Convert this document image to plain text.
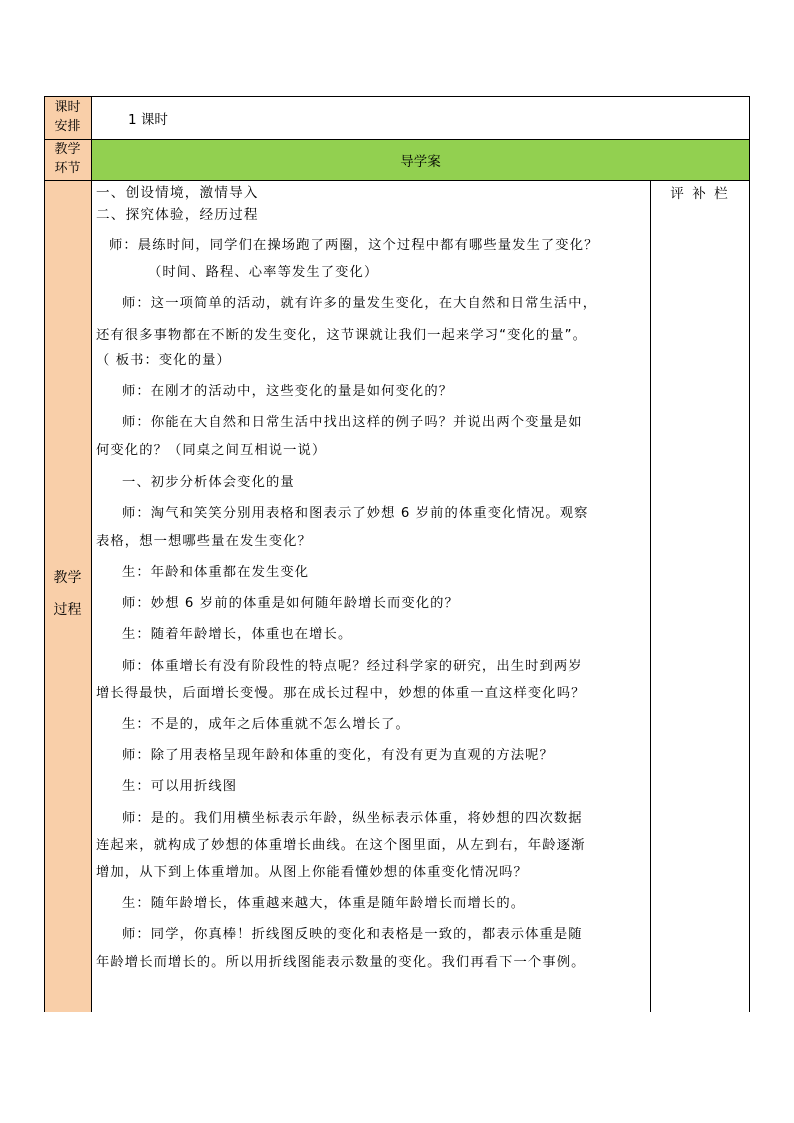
课时
安排	1 课时
教学
环节	导学案
教学
过程
评 补 栏
一、创设情境，激情导入
二、探究体验，经历过程
师：晨练时间，同学们在操场跑了两圈，这个过程中都有哪些量发生了变化？
（时间、路程、心率等发生了变化）
师：这一项简单的活动，就有许多的量发生变化，在大自然和日常生活中，
还有很多事物都在不断的发生变化，这节课就让我们一起来学习“变化的量”。
（ 板书：变化的量）
师：在刚才的活动中，这些变化的量是如何变化的？
师：你能在大自然和日常生活中找出这样的例子吗？并说出两个变量是如
何变化的？（同桌之间互相说一说）
一、初步分析体会变化的量
师：淘气和笑笑分别用表格和图表示了妙想 6 岁前的体重变化情况。观察
表格，想一想哪些量在发生变化？
生：年龄和体重都在发生变化
师：妙想 6 岁前的体重是如何随年龄增长而变化的？
生：随着年龄增长，体重也在增长。
师：体重增长有没有阶段性的特点呢？经过科学家的研究，出生时到两岁
增长得最快，后面增长变慢。那在成长过程中，妙想的体重一直这样变化吗？
生：不是的，成年之后体重就不怎么增长了。
师：除了用表格呈现年龄和体重的变化，有没有更为直观的方法呢？
生：可以用折线图
师：是的。我们用横坐标表示年龄，纵坐标表示体重，将妙想的四次数据
连起来，就构成了妙想的体重增长曲线。在这个图里面，从左到右，年龄逐渐
增加，从下到上体重增加。从图上你能看懂妙想的体重变化情况吗？
生：随年龄增长，体重越来越大，体重是随年龄增长而增长的。
师：同学，你真棒！折线图反映的变化和表格是一致的，都表示体重是随
年龄增长而增长的。所以用折线图能表示数量的变化。我们再看下一个事例。
